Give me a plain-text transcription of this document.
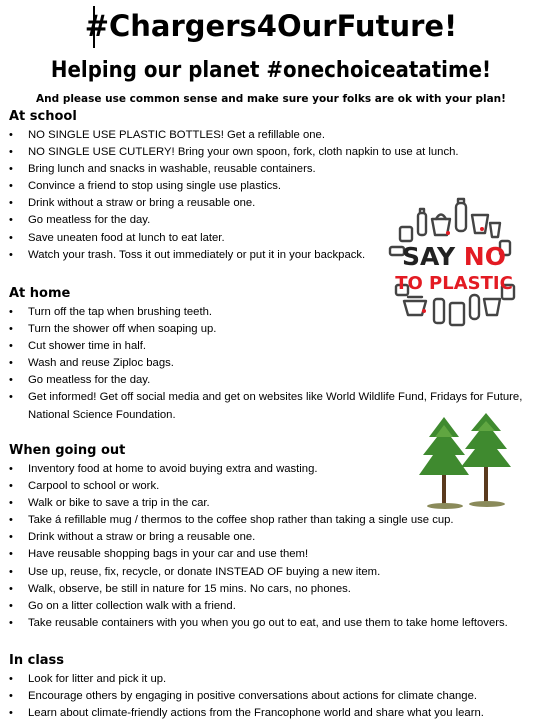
#Chargers4OurFuture!
Helping our planet #onechoiceatatime!
And please use common sense and make sure your folks are ok with your plan!
At school
• NO SINGLE USE PLASTIC BOTTLES! Get a refillable one.
• NO SINGLE USE CUTLERY! Bring your own spoon, fork, cloth napkin to use at lunch.
• Bring lunch and snacks in washable, reusable containers.
• Convince a friend to stop using single use plastics.
• Drink without a straw or bring a reusable one.
• Go meatless for the day.
• Save uneaten food at lunch to eat later.
• Watch your trash. Toss it out immediately or put it in your backpack.
At home
• Turn off the tap when brushing teeth.
• Turn the shower off when soaping up.
• Cut shower time in half.
• Wash and reuse Ziploc bags.
• Go meatless for the day.
• Get informed! Get off social media and get on websites like World Wildlife Fund, Fridays for Future, National Science Foundation.
When going out
• Inventory food at home to avoid buying extra and wasting.
• Carpool to school or work.
• Walk or bike to save a trip in the car.
• Take á refillable mug / thermos to the coffee shop rather than taking a single use cup.
• Drink without a straw or bring a reusable one.
• Have reusable shopping bags in your car and use them!
• Use up, reuse, fix, recycle, or donate INSTEAD OF buying a new item.
• Walk, observe, be still in nature for 15 mins. No cars, no phones.
• Go on a litter collection walk with a friend.
• Take reusable containers with you when you go out to eat, and use them to take home leftovers.
In class
• Look for litter and pick it up.
• Encourage others by engaging in positive conversations about actions for climate change.
• Learn about climate-friendly actions from the Francophone world and share what you learn.
SAY NO
TO PLASTIC
